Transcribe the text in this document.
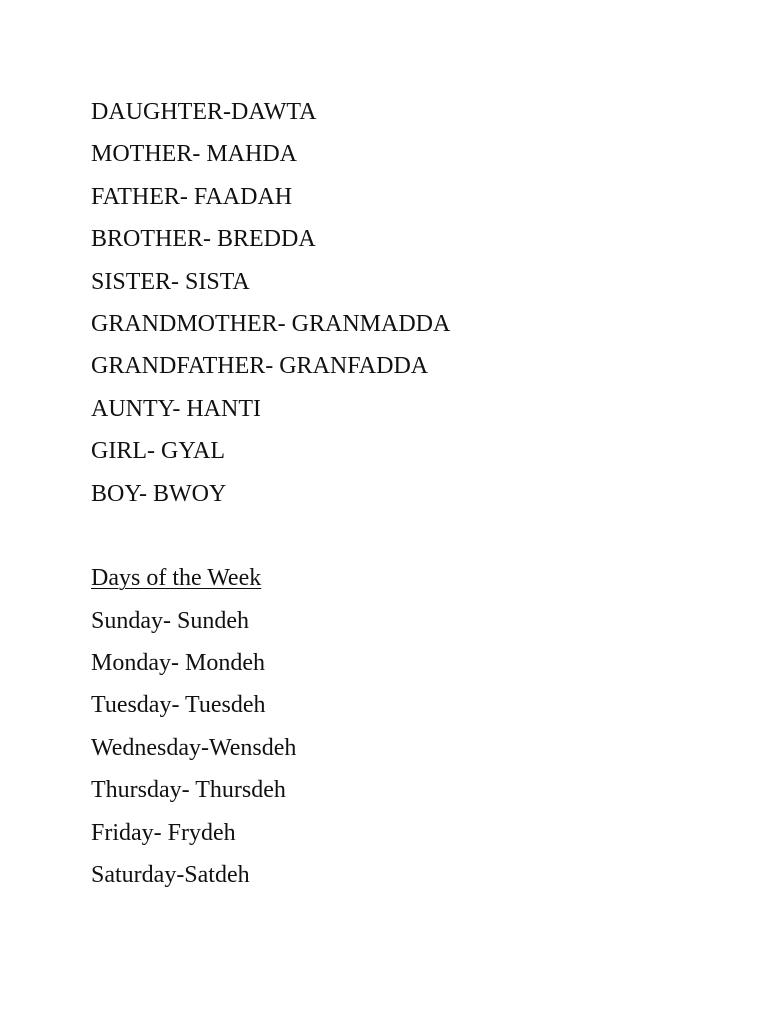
DAUGHTER-DAWTA

MOTHER- MAHDA

FATHER- FAADAH

BROTHER- BREDDA

SISTER- SISTA

GRANDMOTHER- GRANMADDA

GRANDFATHER- GRANFADDA

AUNTY- HANTI

GIRL- GYAL

BOY- BWOY

Days of the Week

Sunday- Sundeh

Monday- Mondeh

Tuesday- Tuesdeh

Wednesday-Wensdeh

Thursday- Thursdeh

Friday- Frydeh

Saturday-Satdeh
